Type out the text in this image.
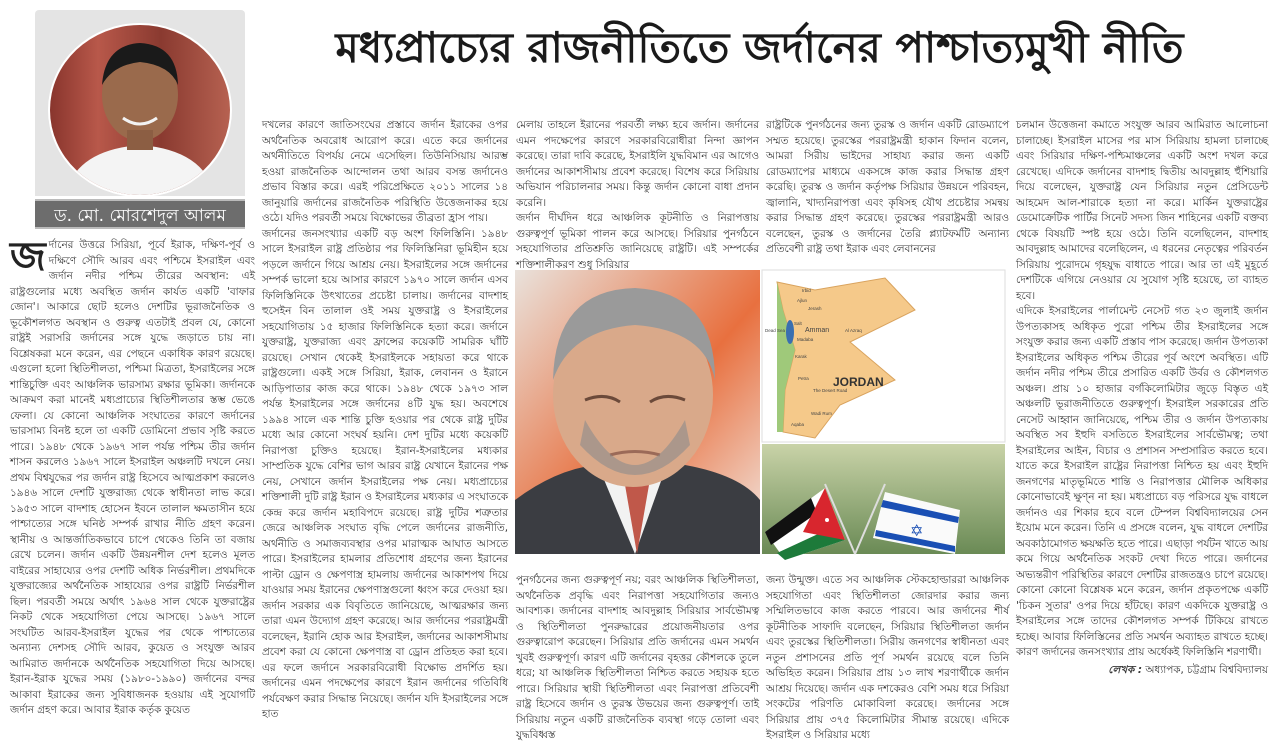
ড. মো. মোরশেদুল আলম
মধ্যপ্রাচ্যের রাজনীতিতে জর্দানের পাশ্চাত্যমুখী নীতি

জর্দানের উত্তরে সিরিয়া, পূর্বে ইরাক, দক্ষিণ-পূর্ব ও দক্ষিণে সৌদি আরব এবং পশ্চিমে ইসরাইল এবং জর্দান নদীর পশ্চিম তীরের অবস্থান: এই রাষ্ট্রগুলোর মধ্যে অবস্থিত জর্দান কার্যত একটি 'বাফার জোন'। আকারে ছোট হলেও দেশটির ভূরাজনৈতিক ও ভূকৌশলগত অবস্থান ও গুরুত্ব এতটাই প্রবল যে, কোনো রাষ্ট্রই সরাসরি জর্দানের সঙ্গে যুদ্ধে জড়াতে চায় না। বিশ্লেষকরা মনে করেন, এর পেছনে একাধিক কারণ রয়েছে। এগুলো হলো স্থিতিশীলতা, পশ্চিমা মিত্রতা, ইসরাইলের সঙ্গে শান্তিচুক্তি এবং আঞ্চলিক ভারসাম্য রক্ষার ভূমিকা। জর্দানকে আক্রমণ করা মানেই মধ্যপ্রাচ্যের স্থিতিশীলতার স্তম্ভ ভেঙে ফেলা। যে কোনো আঞ্চলিক সংঘাতের কারণে জর্দানের ভারসাম্য বিনষ্ট হলে তা একটি ডোমিনো প্রভাব সৃষ্টি করতে পারে। ১৯৪৮ থেকে ১৯৬৭ সাল পর্যন্ত পশ্চিম তীর জর্দান শাসন করলেও ১৯৬৭ সালে ইসরাইল অঞ্চলটি দখলে নেয়। প্রথম বিশ্বযুদ্ধের পর জর্দান রাষ্ট্র হিসেবে আত্মপ্রকাশ করলেও ১৯৪৬ সালে দেশটি যুক্তরাজ্য থেকে স্বাধীনতা লাভ করে। ১৯৫৩ সালে বাদশাহ হোসেন ইবনে তালাল ক্ষমতাসীন হয়ে পাশ্চাত্যের সঙ্গে ঘনিষ্ঠ সম্পর্ক রাখার নীতি গ্রহণ করেন। স্থানীয় ও আন্তর্জাতিকভাবে চাপে থেকেও তিনি তা বজায় রেখে চলেন। জর্দান একটি উন্নয়নশীল দেশ হলেও মূলত বাইরের সাহায্যের ওপর দেশটি অধিক নির্ভরশীল। প্রথমদিকে যুক্তরাজ্যের অর্থনৈতিক সাহায্যের ওপর রাষ্ট্রটি নির্ভরশীল ছিল। পরবর্তী সময়ে অর্থাৎ ১৯৬৪ সাল থেকে যুক্তরাষ্ট্রের নিকট থেকে সহযোগিতা পেয়ে আসছে। ১৯৬৭ সালে সংঘটিত আরব-ইসরাইল যুদ্ধের পর থেকে পাশ্চাত্যের অন্যান্য দেশসহ সৌদি আরব, কুয়েত ও সংযুক্ত আরব আমিরাত জর্দানকে অর্থনৈতিক সহযোগিতা দিয়ে আসছে। ইরান-ইরাক যুদ্ধের সময় (১৯৮০-১৯৯০) জর্দানের বন্দর আকাবা ইরাকের জন্য সুবিধাজনক হওয়ায় এই সুযোগটি জর্দান গ্রহণ করে। আবার ইরাক কর্তৃক কুয়েত

দখলের কারণে জাতিসংঘের প্রস্তাবে জর্দান ইরাকের ওপর অর্থনৈতিক অবরোধ আরোপ করে। এতে করে জর্দানের অর্থনীতিতে বিপর্যয় নেমে এসেছিল। তিউনিসিয়ায় আরম্ভ হওয়া রাজনৈতিক আন্দোলন তথা আরব বসন্ত জর্দানেও প্রভাব বিস্তার করে। এরই পরিপ্রেক্ষিতে ২০১১ সালের ১৪ জানুয়ারি জর্দানের রাজনৈতিক পরিস্থিতি উত্তেজনাকর হয়ে ওঠে। যদিও পরবর্তী সময়ে বিক্ষোভের তীব্রতা হ্রাস পায়।

জর্দানের জনসংখ্যার একটি বড় অংশ ফিলিস্তিনি। ১৯৪৮ সালে ইসরাইল রাষ্ট্র প্রতিষ্ঠার পর ফিলিস্তিনিরা ভূমিহীন হয়ে পড়লে জর্দানে গিয়ে আশ্রয় নেয়। ইসরাইলের সঙ্গে জর্দানের সম্পর্ক ভালো হয়ে আসার কারণে ১৯৭০ সালে জর্দান এসব ফিলিস্তিনিকে উৎখাতের প্রচেষ্টা চালায়। জর্দানের বাদশাহ হুসেইন বিন তালাল ওই সময় যুক্তরাষ্ট্র ও ইসরাইলের সহযোগিতায় ১৫ হাজার ফিলিস্তিনিকে হত্যা করে। জর্দানে যুক্তরাষ্ট্র, যুক্তরাজ্য এবং ফ্রান্সের কয়েকটি সামরিক ঘাঁটি রয়েছে। সেখান থেকেই ইসরাইলকে সহায়তা করে থাকে রাষ্ট্রগুলো। একই সঙ্গে সিরিয়া, ইরাক, লেবানন ও ইরানে আড়িপাতার কাজ করে থাকে। ১৯৪৮ থেকে ১৯৭৩ সাল পর্যন্ত ইসরাইলের সঙ্গে জর্দানের ৪টি যুদ্ধ হয়। অবশেষে ১৯৯৪ সালে এক শান্তি চুক্তি হওয়ার পর থেকে রাষ্ট্র দুটির মধ্যে আর কোনো সংঘর্ষ হয়নি। দেশ দুটির মধ্যে কয়েকটি নিরাপত্তা চুক্তিও হয়েছে। ইরান-ইসরাইলের মধ্যকার সাম্প্রতিক যুদ্ধে বেশির ভাগ আরব রাষ্ট্র যেখানে ইরানের পক্ষ নেয়, সেখানে জর্দান ইসরাইলের পক্ষ নেয়। মধ্যপ্রাচ্যের শক্তিশালী দুটি রাষ্ট্র ইরান ও ইসরাইলের মধ্যকার এ সংঘাতকে কেন্দ্র করে জর্দান মহাবিপদে রয়েছে। রাষ্ট্র দুটির শত্রুতার জেরে আঞ্চলিক সংঘাত বৃদ্ধি পেলে জর্দানের রাজনীতি, অর্থনীতি ও সমাজব্যবস্থার ওপর মারাত্মক আঘাত আসতে পারে। ইসরাইলের হামলার প্রতিশোধ গ্রহণের জন্য ইরানের পাল্টা ড্রোন ও ক্ষেপণাস্ত্র হামলায় জর্দানের আকাশপথ দিয়ে যাওয়ার সময় ইরানের ক্ষেপণাস্ত্রগুলো ধ্বংস করে দেওয়া হয়। জর্দান সরকার এক বিবৃতিতে জানিয়েছে, আত্মরক্ষার জন্য তারা এমন উদ্যোগ গ্রহণ করেছে। আর জর্দানের পররাষ্ট্রমন্ত্রী বলেছেন, ইরানি হোক আর ইসরাইল, জর্দানের আকাশসীমায় প্রবেশ করা যে কোনো ক্ষেপণাস্ত্র বা ড্রোন প্রতিহত করা হবে। এর ফলে জর্দানে সরকারবিরোধী বিক্ষোভ প্রদর্শিত হয়। জর্দানের এমন পদক্ষেপের কারণে ইরান জর্দানের গতিবিধি পর্যবেক্ষণ করার সিদ্ধান্ত নিয়েছে। জর্দান যদি ইসরাইলের সঙ্গে হাত

মেলায় তাহলে ইরানের পরবর্তী লক্ষ্য হবে জর্দান। জর্দানের এমন পদক্ষেপের কারণে সরকারবিরোধীরা নিন্দা জ্ঞাপন করেছে। তারা দাবি করেছে, ইসরাইলি যুদ্ধবিমান এর আগেও জর্দানের আকাশসীমায় প্রবেশ করেছে। বিশেষ করে সিরিয়ায় অভিযান পরিচালনার সময়। কিন্তু জর্দান কোনো বাধা প্রদান করেনি।

জর্দান দীর্ঘদিন ধরে আঞ্চলিক কূটনীতি ও নিরাপত্তায় গুরুত্বপূর্ণ ভূমিকা পালন করে আসছে। সিরিয়ার পুনর্গঠনে সহযোগিতার প্রতিশ্রুতি জানিয়েছে রাষ্ট্রটি। এই সম্পর্কের শক্তিশালীকরণ শুধু সিরিয়ার

রাষ্ট্রটিকে পুনর্গঠনের জন্য তুরস্ক ও জর্দান একটি রোডম্যাপে সম্মত হয়েছে। তুরস্কের পররাষ্ট্রমন্ত্রী হাকান ফিদান বলেন, আমরা সিরীয় ভাইদের সাহায্য করার জন্য একটি রোডম্যাপের মাধ্যমে একসঙ্গে কাজ করার সিদ্ধান্ত গ্রহণ করেছি। তুরস্ক ও জর্দান কর্তৃপক্ষ সিরিয়ার উন্নয়নে পরিবহন, জ্বালানি, খাদ্যনিরাপত্তা এবং কৃষিসহ যৌথ প্রচেষ্টার সমন্বয় করার সিদ্ধান্ত গ্রহণ করেছে। তুরস্কের পররাষ্ট্রমন্ত্রী আরও বলেছেন, তুরস্ক ও জর্দানের তৈরি প্ল্যাটফর্মটি অন্যান্য প্রতিবেশী রাষ্ট্র তথা ইরাক এবং লেবাননের

JORDAN
Amman
Irbid
Jerash
Ajlun
Salt
Madaba
Dead Sea
Karak
Petra
The Desert Road
Wadi Rum
Aqaba
Al Azraq
✡

পুনর্গঠনের জন্য গুরুত্বপূর্ণ নয়; বরং আঞ্চলিক স্থিতিশীলতা, অর্থনৈতিক প্রবৃদ্ধি এবং নিরাপত্তা সহযোগিতার জন্যও আবশ্যক। জর্দানের বাদশাহ আবদুল্লাহ সিরিয়ার সার্বভৌমত্ব ও স্থিতিশীলতা পুনরুদ্ধারের প্রয়োজনীয়তার ওপর গুরুত্বারোপ করেছেন। সিরিয়ার প্রতি জর্দানের এমন সমর্থন খুবই গুরুত্বপূর্ণ। কারণ এটি জর্দানের বৃহত্তর কৌশলকে তুলে ধরে; যা আঞ্চলিক স্থিতিশীলতা নিশ্চিত করতে সহায়ক হতে পারে। সিরিয়ার স্থায়ী স্থিতিশীলতা এবং নিরাপত্তা প্রতিবেশী রাষ্ট্র হিসেবে জর্দান ও তুরস্ক উভয়ের জন্য গুরুত্বপূর্ণ। তাই সিরিয়ায় নতুন একটি রাজনৈতিক ব্যবস্থা গড়ে তোলা এবং যুদ্ধবিধ্বস্ত

জন্য উন্মুক্ত। এতে সব আঞ্চলিক স্টেকহোল্ডাররা আঞ্চলিক সহযোগিতা এবং স্থিতিশীলতা জোরদার করার জন্য সম্মিলিতভাবে কাজ করতে পারবে। আর জর্দানের শীর্ষ কূটনীতিক সাফাদি বলেছেন, সিরিয়ার স্থিতিশীলতা জর্দান এবং তুরস্কের স্থিতিশীলতা। সিরীয় জনগণের স্বাধীনতা এবং নতুন প্রশাসনের প্রতি পূর্ণ সমর্থন রয়েছে বলে তিনি অভিহিত করেন। সিরিয়ার প্রায় ১৩ লাখ শরণার্থীকে জর্দান আশ্রয় দিয়েছে। জর্দান এক দশকেরও বেশি সময় ধরে সিরিয়া সংকটের পরিণতি মোকাবিলা করেছে। জর্দানের সঙ্গে সিরিয়ার প্রায় ৩৭৫ কিলোমিটার সীমান্ত রয়েছে। এদিকে ইসরাইল ও সিরিয়ার মধ্যে

চলমান উত্তেজনা কমাতে সংযুক্ত আরব আমিরাত আলোচনা চালাচ্ছে। ইসরাইল মাসের পর মাস সিরিয়ায় হামলা চালাচ্ছে এবং সিরিয়ার দক্ষিণ-পশ্চিমাঞ্চলের একটি অংশ দখল করে রেখেছে। এদিকে জর্দানের বাদশাহ দ্বিতীয় আবদুল্লাহ হুঁশিয়ারি দিয়ে বলেছেন, যুক্তরাষ্ট্র যেন সিরিয়ার নতুন প্রেসিডেন্ট আহমেদ আল-শারাকে হত্যা না করে। মার্কিন যুক্তরাষ্ট্রের ডেমোক্রেটিক পার্টির সিনেট সদস্য জিন শাহিনের একটি বক্তব্য থেকে বিষয়টি স্পষ্ট হয়ে ওঠে। তিনি বলেছিলেন, বাদশাহ আবদুল্লাহ আমাদের বলেছিলেন, এ ধরনের নেতৃত্বের পরিবর্তন সিরিয়ায় পুরোদমে গৃহযুদ্ধ বাধাতে পারে। আর তা এই মুহূর্তে দেশটিকে এগিয়ে নেওয়ার যে সুযোগ সৃষ্টি হয়েছে, তা ব্যাহত হবে।

এদিকে ইসরাইলের পার্লামেন্ট নেসেট গত ২৩ জুলাই জর্দান উপত্যকাসহ অধিকৃত পুরো পশ্চিম তীর ইসরাইলের সঙ্গে সংযুক্ত করার জন্য একটি প্রস্তাব পাস করেছে। জর্দান উপত্যকা ইসরাইলের অধিকৃত পশ্চিম তীরের পূর্ব অংশে অবস্থিত। এটি জর্দান নদীর পশ্চিম তীরে প্রসারিত একটি উর্বর ও কৌশলগত অঞ্চল। প্রায় ১০ হাজার বর্গকিলোমিটার জুড়ে বিস্তৃত এই অঞ্চলটি ভূরাজনীতিতে গুরুত্বপূর্ণ। ইসরাইল সরকারের প্রতি নেসেট আহ্বান জানিয়েছে, পশ্চিম তীর ও জর্দান উপত্যকায় অবস্থিত সব ইহুদি বসতিতে ইসরাইলের সার্বভৌমত্ব; তথা ইসরাইলের আইন, বিচার ও প্রশাসন সম্প্রসারিত করতে হবে। যাতে করে ইসরাইল রাষ্ট্রের নিরাপত্তা নিশ্চিত হয় এবং ইহুদি জনগণের মাতৃভূমিতে শান্তি ও নিরাপত্তার মৌলিক অধিকার কোনোভাবেই ক্ষুণ্ন না হয়। মধ্যপ্রাচ্যে বড় পরিসরে যুদ্ধ বাধলে জর্দানও এর শিকার হবে বলে টেম্পল বিশ্ববিদ্যালয়ের সেন ইয়োম মনে করেন। তিনি এ প্রসঙ্গে বলেন, যুদ্ধ বাধলে দেশটির অবকাঠামোগত ক্ষয়ক্ষতি হতে পারে। এছাড়া পর্যটন খাতে আয় কমে গিয়ে অর্থনৈতিক সংকট দেখা দিতে পারে। জর্দানের অভ্যন্তরীণ পরিস্থিতির কারণে দেশটির রাজতন্ত্রও চাপে রয়েছে। কোনো কোনো বিশ্লেষক মনে করেন, জর্দান প্রকৃতপক্ষে একটি 'চিকন সুতার' ওপর দিয়ে হাঁটছে। কারণ একদিকে যুক্তরাষ্ট্র ও ইসরাইলের সঙ্গে তাদের কৌশলগত সম্পর্ক টিকিয়ে রাখতে হচ্ছে। আবার ফিলিস্তিনের প্রতি সমর্থন অব্যাহত রাখতে হচ্ছে। কারণ জর্দানের জনসংখ্যার প্রায় অর্ধেকই ফিলিস্তিনি শরণার্থী।

লেখক : অধ্যাপক, চট্টগ্রাম বিশ্ববিদ্যালয়
